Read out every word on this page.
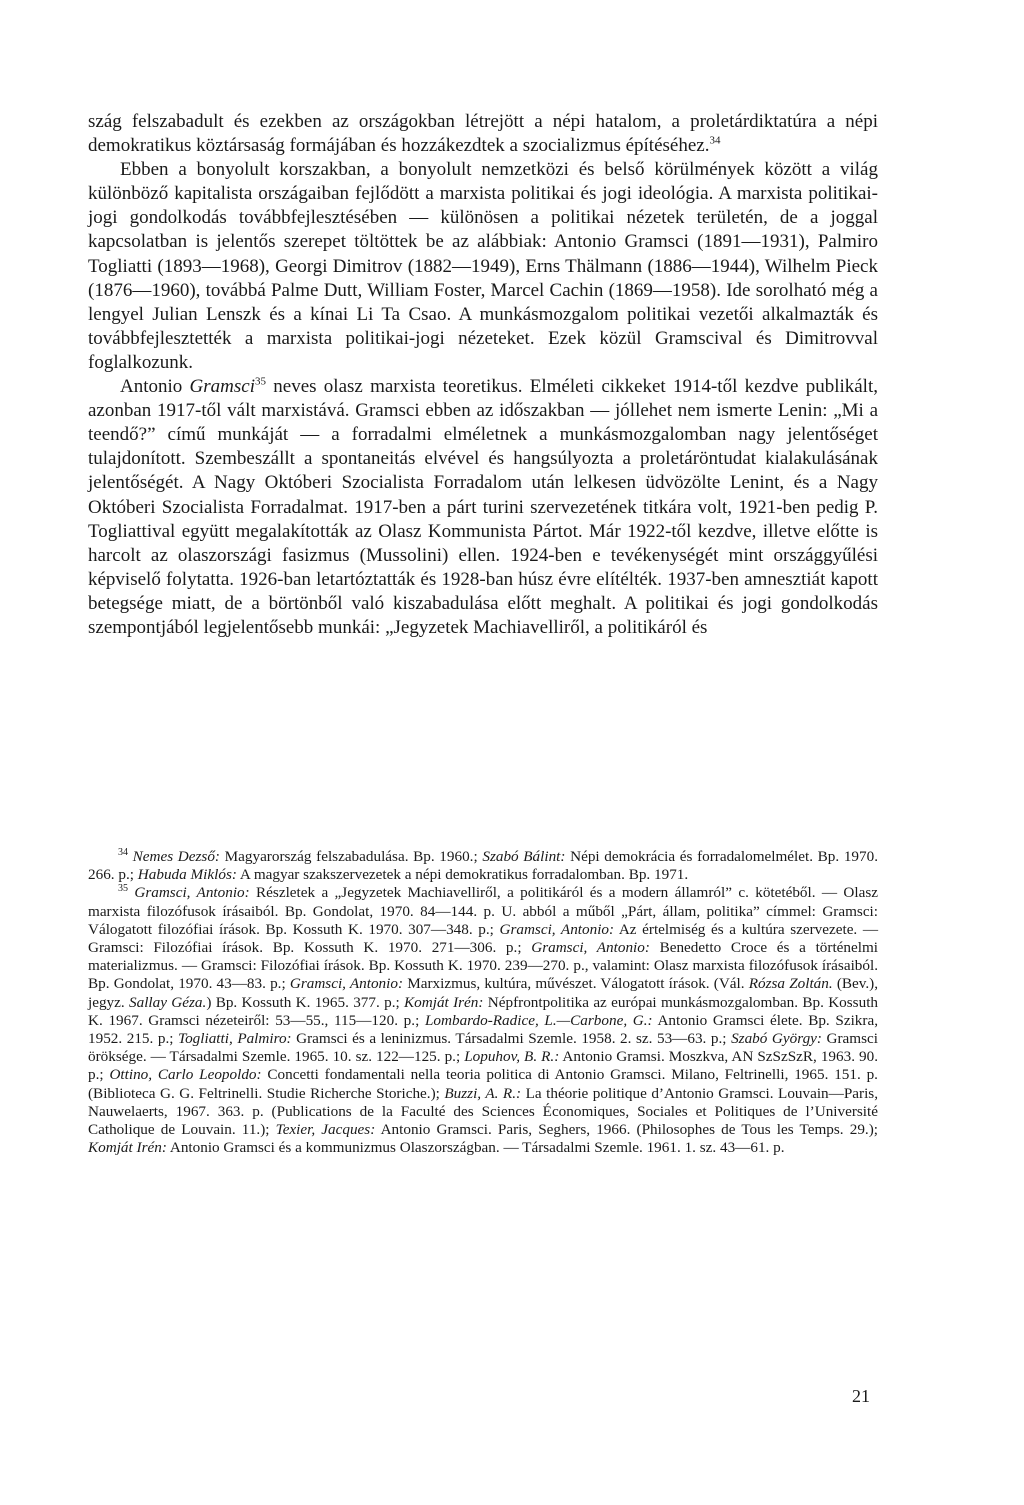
szág felszabadult és ezekben az országokban létrejött a népi hatalom, a proletárdiktatúra a népi demokratikus köztársaság formájában és hozzákezdtek a szocializmus építéséhez.$^{34}$

Ebben a bonyolult korszakban, a bonyolult nemzetközi és belső körülmények között a világ különböző kapitalista országaiban fejlődött a marxista politikai és jogi ideológia. A marxista politikai-jogi gondolkodás továbbfejlesztésében — különösen a politikai nézetek területén, de a joggal kapcsolatban is jelentős szerepet töltöttek be az alábbiak: Antonio Gramsci (1891—1931), Palmiro Togliatti (1893—1968), Georgi Dimitrov (1882—1949), Erns Thälmann (1886—1944), Wilhelm Pieck (1876—1960), továbbá Palme Dutt, William Foster, Marcel Cachin (1869—1958). Ide sorolható még a lengyel Julian Lenszk és a kínai Li Ta Csao. A munkásmozgalom politikai vezetői alkalmazták és továbbfejlesztették a marxista politikai-jogi nézeteket. Ezek közül Gramscival és Dimitrovval foglalkozunk.

Antonio Gramsci$^{35}$ neves olasz marxista teoretikus. Elméleti cikkeket 1914-től kezdve publikált, azonban 1917-től vált marxistává. Gramsci ebben az időszakban — jóllehet nem ismerte Lenin: „Mi a teendő?” című munkáját — a forradalmi elméletnek a munkásmozgalomban nagy jelentőséget tulajdonított. Szembeszállt a spontaneitás elvével és hangsúlyozta a proletáröntudat kialakulásának jelentőségét. A Nagy Októberi Szocialista Forradalom után lelkesen üdvözölte Lenint, és a Nagy Októberi Szocialista Forradalmat. 1917-ben a párt turini szervezetének titkára volt, 1921-ben pedig P. Togliattival együtt megalakították az Olasz Kommunista Pártot. Már 1922-től kezdve, illetve előtte is harcolt az olaszországi fasizmus (Mussolini) ellen. 1924-ben e tevékenységét mint országgyűlési képviselő folytatta. 1926-ban letartóztatták és 1928-ban húsz évre elítélték. 1937-ben amnesztiát kapott betegsége miatt, de a börtönből való kiszabadulása előtt meghalt. A politikai és jogi gondolkodás szempontjából legjelentősebb munkái: „Jegyzetek Machiavelliről, a politikáról és

$^{34}$ Nemes Dezső: Magyarország felszabadulása. Bp. 1960.; Szabó Bálint: Népi demokrácia és forradalomelmélet. Bp. 1970. 266. p.; Habuda Miklós: A magyar szakszervezetek a népi demokratikus forradalomban. Bp. 1971.

$^{35}$ Gramsci, Antonio: Részletek a „Jegyzetek Machiavelliről, a politikáról és a modern államról” c. kötetéből. — Olasz marxista filozófusok írásaiból. Bp. Gondolat, 1970. 84—144. p. U. abból a műből „Párt, állam, politika” címmel: Gramsci: Válogatott filozófiai írások. Bp. Kossuth K. 1970. 307—348. p.; Gramsci, Antonio: Az értelmiség és a kultúra szervezete. — Gramsci: Filozófiai írások. Bp. Kossuth K. 1970. 271—306. p.; Gramsci, Antonio: Benedetto Croce és a történelmi materializmus. — Gramsci: Filozófiai írások. Bp. Kossuth K. 1970. 239—270. p., valamint: Olasz marxista filozófusok írásaiból. Bp. Gondolat, 1970. 43—83. p.; Gramsci, Antonio: Marxizmus, kultúra, művészet. Válogatott írások. (Vál. Rózsa Zoltán. (Bev.), jegyz. Sallay Géza.) Bp. Kossuth K. 1965. 377. p.; Komját Irén: Népfrontpolitika az európai munkásmozgalomban. Bp. Kossuth K. 1967. Gramsci nézeteiről: 53—55., 115—120. p.; Lombardo-Radice, L.—Carbone, G.: Antonio Gramsci élete. Bp. Szikra, 1952. 215. p.; Togliatti, Palmiro: Gramsci és a leninizmus. Társadalmi Szemle. 1958. 2. sz. 53—63. p.; Szabó György: Gramsci öröksége. — Társadalmi Szemle. 1965. 10. sz. 122—125. p.; Lopuhov, B. R.: Antonio Gramsi. Moszkva, AN SzSzSzR, 1963. 90. p.; Ottino, Carlo Leopoldo: Concetti fondamentali nella teoria politica di Antonio Gramsci. Milano, Feltrinelli, 1965. 151. p. (Biblioteca G. G. Feltrinelli. Studie Richerche Storiche.); Buzzi, A. R.: La théorie politique d’Antonio Gramsci. Louvain—Paris, Nauwelaerts, 1967. 363. p. (Publications de la Faculté des Sciences Économiques, Sociales et Politiques de l’Université Catholique de Louvain. 11.); Texier, Jacques: Antonio Gramsci. Paris, Seghers, 1966. (Philosophes de Tous les Temps. 29.); Komját Irén: Antonio Gramsci és a kommunizmus Olaszországban. — Társadalmi Szemle. 1961. 1. sz. 43—61. p.

21
